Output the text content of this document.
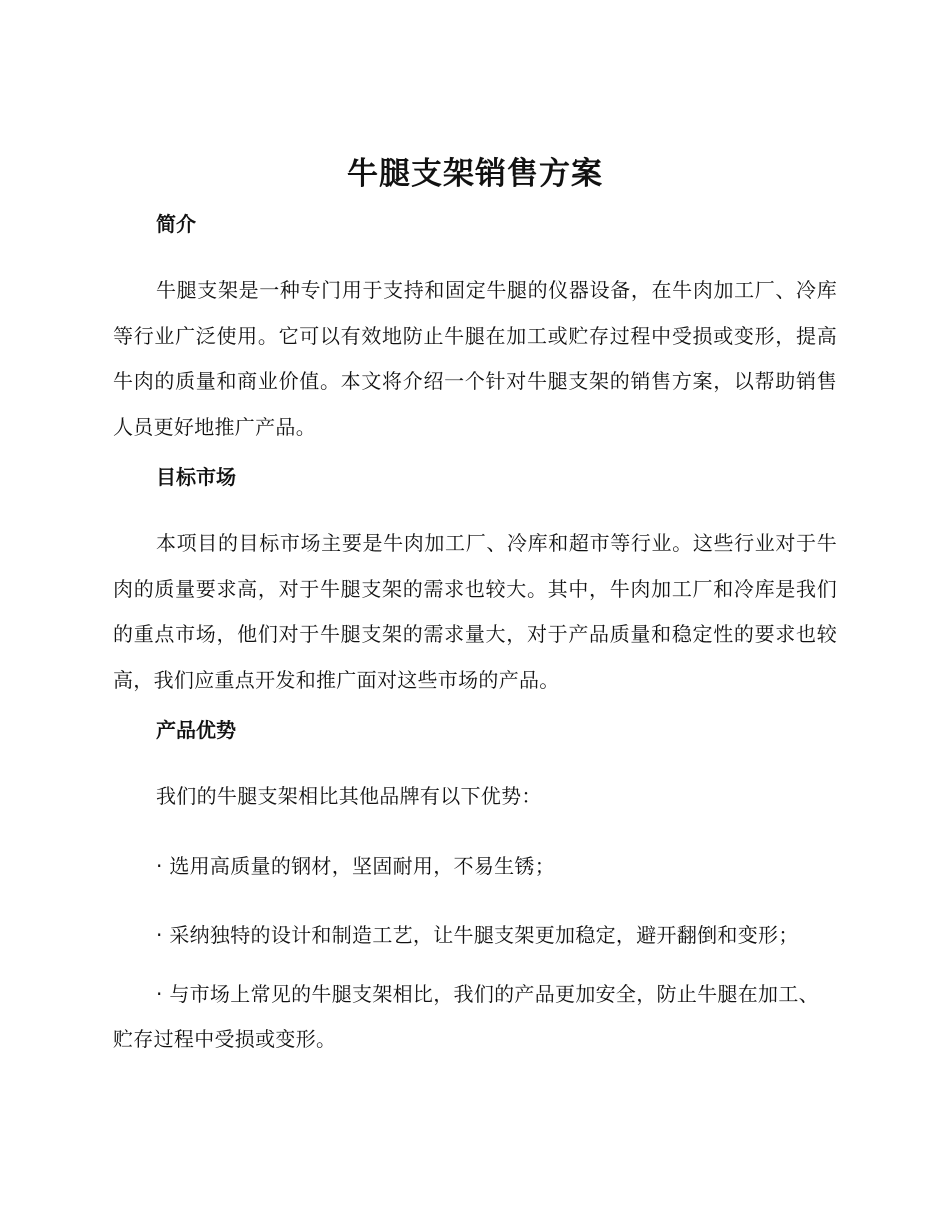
牛腿支架销售方案
简介

牛腿支架是一种专门用于支持和固定牛腿的仪器设备，在牛肉加工厂、冷库等行业广泛使用。它可以有效地防止牛腿在加工或贮存过程中受损或变形，提高牛肉的质量和商业价值。本文将介绍一个针对牛腿支架的销售方案，以帮助销售人员更好地推广产品。

目标市场

本项目的目标市场主要是牛肉加工厂、冷库和超市等行业。这些行业对于牛肉的质量要求高，对于牛腿支架的需求也较大。其中，牛肉加工厂和冷库是我们的重点市场，他们对于牛腿支架的需求量大，对于产品质量和稳定性的要求也较高，我们应重点开发和推广面对这些市场的产品。

产品优势

我们的牛腿支架相比其他品牌有以下优势：

· 选用高质量的钢材，坚固耐用，不易生锈；
· 采纳独特的设计和制造工艺，让牛腿支架更加稳定，避开翻倒和变形；
· 与市场上常见的牛腿支架相比，我们的产品更加安全，防止牛腿在加工、贮存过程中受损或变形。
